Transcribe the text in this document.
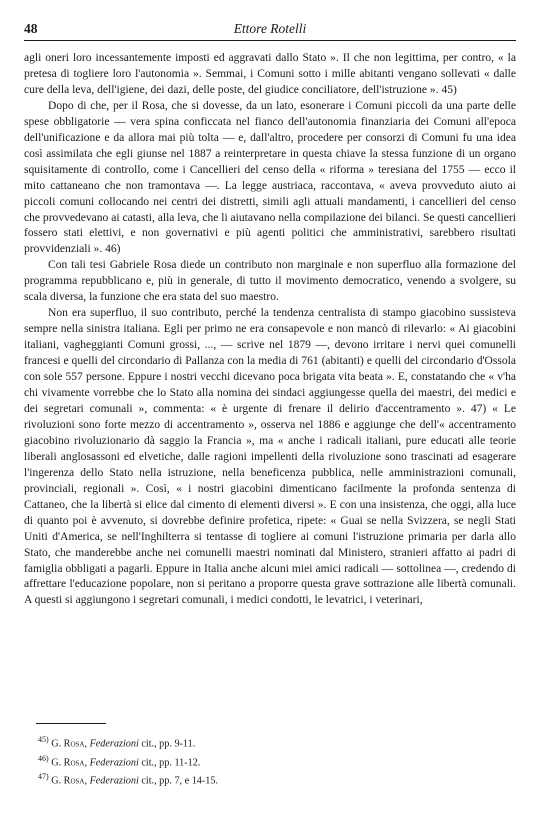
48	Ettore Rotelli

agli oneri loro incessantemente imposti ed aggravati dallo Stato ». Il che non legittima, per contro, « la pretesa di togliere loro l'autonomia ». Semmai, i Comuni sotto i mille abitanti vengano sollevati « dalle cure della leva, dell'igiene, dei dazi, delle poste, del giudice conciliatore, dell'istruzione ». 45)

Dopo di che, per il Rosa, che si dovesse, da un lato, esonerare i Comuni piccoli da una parte delle spese obbligatorie — vera spina conficcata nel fianco dell'autonomia finanziaria dei Comuni all'epoca dell'unificazione e da allora mai più tolta — e, dall'altro, procedere per consorzi di Comuni fu una idea così assimilata che egli giunse nel 1887 a reinterpretare in questa chiave la stessa funzione di un organo squisitamente di controllo, come i Cancellieri del censo della « riforma » teresiana del 1755 — ecco il mito cattaneano che non tramontava —. La legge austriaca, raccontava, « aveva provveduto aiuto ai piccoli comuni collocando nei centri dei distretti, simili agli attuali mandamenti, i cancellieri del censo che provvedevano ai catasti, alla leva, che li aiutavano nella compilazione dei bilanci. Se questi cancellieri fossero stati elettivi, e non governativi e più agenti politici che amministrativi, sarebbero risultati provvidenziali ». 46)

Con tali tesi Gabriele Rosa diede un contributo non marginale e non superfluo alla formazione del programma repubblicano e, più in generale, di tutto il movimento democratico, venendo a svolgere, su scala diversa, la funzione che era stata del suo maestro.

Non era superfluo, il suo contributo, perché la tendenza centralista di stampo giacobino sussisteva sempre nella sinistra italiana. Egli per primo ne era consapevole e non mancò di rilevarlo: « Ai giacobini italiani, vagheggianti Comuni grossi, ..., — scrive nel 1879 —, devono irritare i nervi quei comunelli francesi e quelli del circondario di Pallanza con la media di 761 (abitanti) e quelli del circondario d'Ossola con sole 557 persone. Eppure i nostri vecchi dicevano poca brigata vita beata ». E, constatando che « v'ha chi vivamente vorrebbe che lo Stato alla nomina dei sindaci aggiungesse quella dei maestri, dei medici e dei segretari comunali », commenta: « è urgente di frenare il delirio d'accentramento ». 47) « Le rivoluzioni sono forte mezzo di accentramento », osserva nel 1886 e aggiunge che dell'« accentramento giacobino rivoluzionario dà saggio la Francia », ma « anche i radicali italiani, pure educati alle teorie liberali anglosassoni ed elvetiche, dalle ragioni impellenti della rivoluzione sono trascinati ad esagerare l'ingerenza dello Stato nella istruzione, nella beneficenza pubblica, nelle amministrazioni comunali, provinciali, regionali ». Così, « i nostri giacobini dimenticano facilmente la profonda sentenza di Cattaneo, che la libertà si elice dal cimento di elementi diversi ». E con una insistenza, che oggi, alla luce di quanto poi è avvenuto, si dovrebbe definire profetica, ripete: « Guai se nella Svizzera, se negli Stati Uniti d'America, se nell'Inghilterra si tentasse di togliere ai comuni l'istruzione primaria per darla allo Stato, che manderebbe anche nei comunelli maestri nominati dal Ministero, stranieri affatto ai padri di famiglia obbligati a pagarli. Eppure in Italia anche alcuni miei amici radicali — sottolinea —, credendo di affrettare l'educazione popolare, non si peritano a proporre questa grave sottrazione alle libertà comunali. A questi si aggiungono i segretari comunali, i medici condotti, le levatrici, i veterinari,

$^{45)}$ G. Rosa, Federazioni cit., pp. 9-11.
$^{46)}$ G. Rosa, Federazioni cit., pp. 11-12.
$^{47)}$ G. Rosa, Federazioni cit., pp. 7, e 14-15.
